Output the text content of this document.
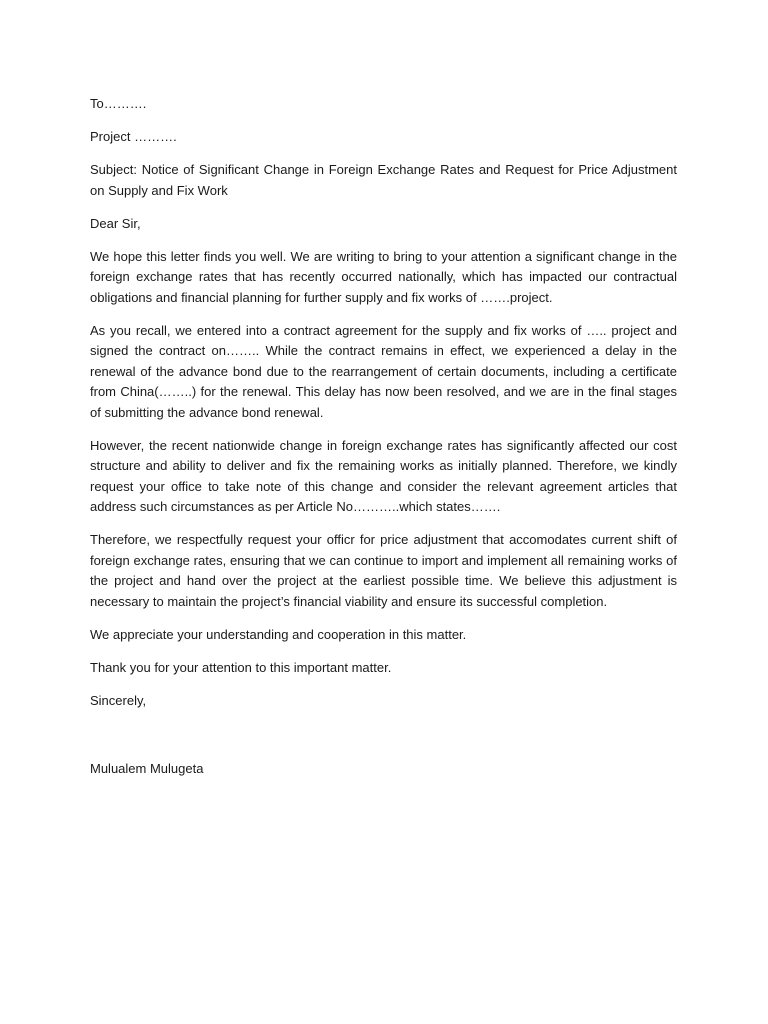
To……….

Project ……….

Subject: Notice of Significant Change in Foreign Exchange Rates and Request for Price Adjustment on Supply and Fix Work

Dear Sir,

We hope this letter finds you well. We are writing to bring to your attention a significant change in the foreign exchange rates that has recently occurred nationally, which has impacted our contractual obligations and financial planning for further supply and fix works of …….project.

As you recall, we entered into a contract agreement for the supply and fix works of ….. project and signed the contract on…….. While the contract remains in effect, we experienced a delay in the renewal of the advance bond due to the rearrangement of certain documents, including a certificate from China(……..) for the renewal. This delay has now been resolved, and we are in the final stages of submitting the advance bond renewal.

However, the recent nationwide change in foreign exchange rates has significantly affected our cost structure and ability to deliver and fix the remaining works as initially planned. Therefore, we kindly request your office to take note of this change and consider the relevant agreement articles that address such circumstances as per Article No………..which states…….

Therefore, we respectfully request your officr for price adjustment that accomodates current shift of foreign exchange rates, ensuring that we can continue to import and implement all remaining works of the project and hand over the project at the earliest possible time. We believe this adjustment is necessary to maintain the project’s financial viability and ensure its successful completion.

We appreciate your understanding and cooperation in this matter.

Thank you for your attention to this important matter.

Sincerely,

Mulualem Mulugeta
